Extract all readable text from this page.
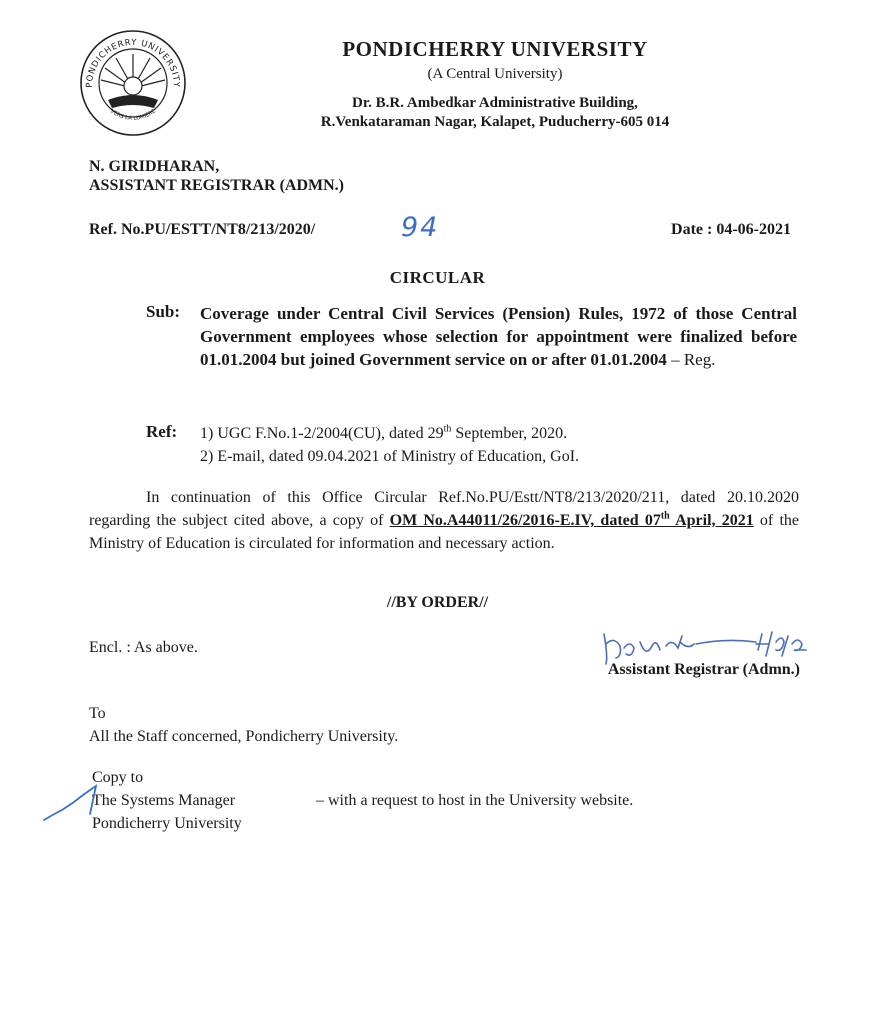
PONDICHERRY UNIVERSITY
VERS LA LUMIÈRE
PONDICHERRY UNIVERSITY
(A Central University)
Dr. B.R. Ambedkar Administrative Building,
R.Venkataraman Nagar, Kalapet, Puducherry-605 014
N. GIRIDHARAN,
ASSISTANT REGISTRAR (ADMN.)
Ref. No.PU/ESTT/NT8/213/2020/	94	Date : 04-06-2021
CIRCULAR
Sub: Coverage under Central Civil Services (Pension) Rules, 1972 of those Central Government employees whose selection for appointment were finalized before 01.01.2004 but joined Government service on or after 01.01.2004 – Reg.
Ref: 1) UGC F.No.1-2/2004(CU), dated 29th September, 2020.
2) E-mail, dated 09.04.2021 of Ministry of Education, GoI.
In continuation of this Office Circular Ref.No.PU/Estt/NT8/213/2020/211, dated 20.10.2020 regarding the subject cited above, a copy of OM No.A44011/26/2016-E.IV, dated 07th April, 2021 of the Ministry of Education is circulated for information and necessary action.
//BY ORDER//
Encl. : As above.
Assistant Registrar (Admn.)
To
All the Staff concerned, Pondicherry University.
Copy to
The Systems Manager	– with a request to host in the University website.
Pondicherry University
